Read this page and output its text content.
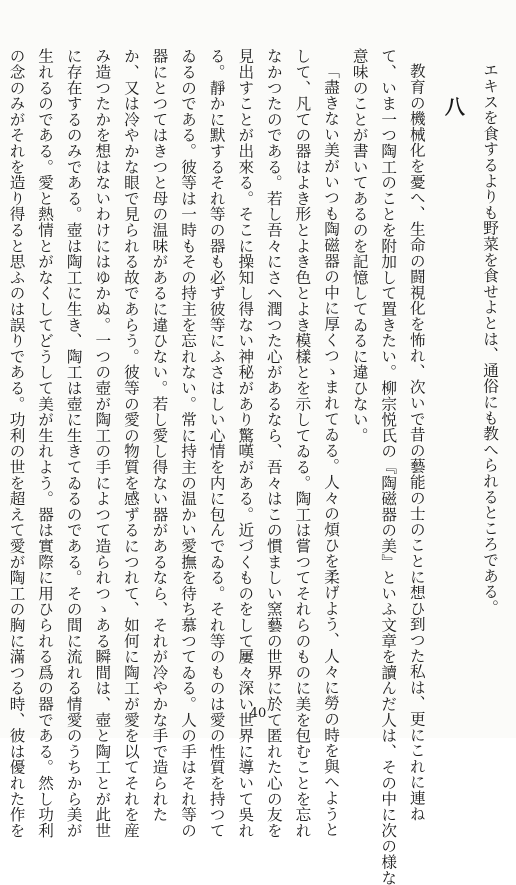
エキスを食するよりも野菜を食せよとは、通俗にも教へられるところである。

八

教育の機械化を憂へ、生命の闘視化を怖れ、次いで昔の藝能の士のことに想ひ到つた私は、更にこれに連ね

て、いま一つ陶工のことを附加して置きたい。柳宗悦氏の『陶磁器の美』といふ文章を讀んだ人は、その中に次の様な

意味のことが書いてあるのを記憶してゐるに違ひない。

「盡きない美がいつも陶磁器の中に厚くつゝまれてゐる。人々の煩ひを柔げよう、人々に勞の時を與へようと

して、凡ての器はよき形とよき色とよき模樣とを示してゐる。陶工は嘗つてそれらのものに美を包むことを忘れ

なかつたのである。若し吾々にさへ潤つた心があるなら、吾々はこの慣ましい窯藝の世界に於て匿れた心の友を

見出すことが出來る。そこに操知し得ない神秘があり驚嘆がある。近づくものをして屢々深い世界に導いて吳れ

る。靜かに默するそれ等の器も必ず彼等にふさはしい心情を内に包んでゐる。それ等のものは愛の性質を持つて

ゐるのである。彼等は一時もその持主を忘れない。常に持主の温かい愛撫を待ち慕つてゐる。人の手はそれ等の

器にとつてはきつと母の温味があるに違ひない。若し愛し得ない器があるなら、それが冷やかな手で造られた

か、又は冷やかな眼で見られる故であらう。彼等の愛の物質を感ずるにつれて、如何に陶工が愛を以てそれを産

み造つたかを想はないわけにはゆかぬ。一つの壺が陶工の手によつて造られつゝある瞬間は、壺と陶工とが此世

に存在するのみである。壺は陶工に生き、陶工は壺に生きてゐるのである。その間に流れる情愛のうちから美が

生れるのである。愛と熱情とがなくしてどうして美が生れよう。器は實際に用ひられる爲の器である。然し功利

の念のみがそれを造り得ると思ふのは誤りである。功利の世を超えて愛が陶工の胸に滿つる時、彼は優れた作を	40
